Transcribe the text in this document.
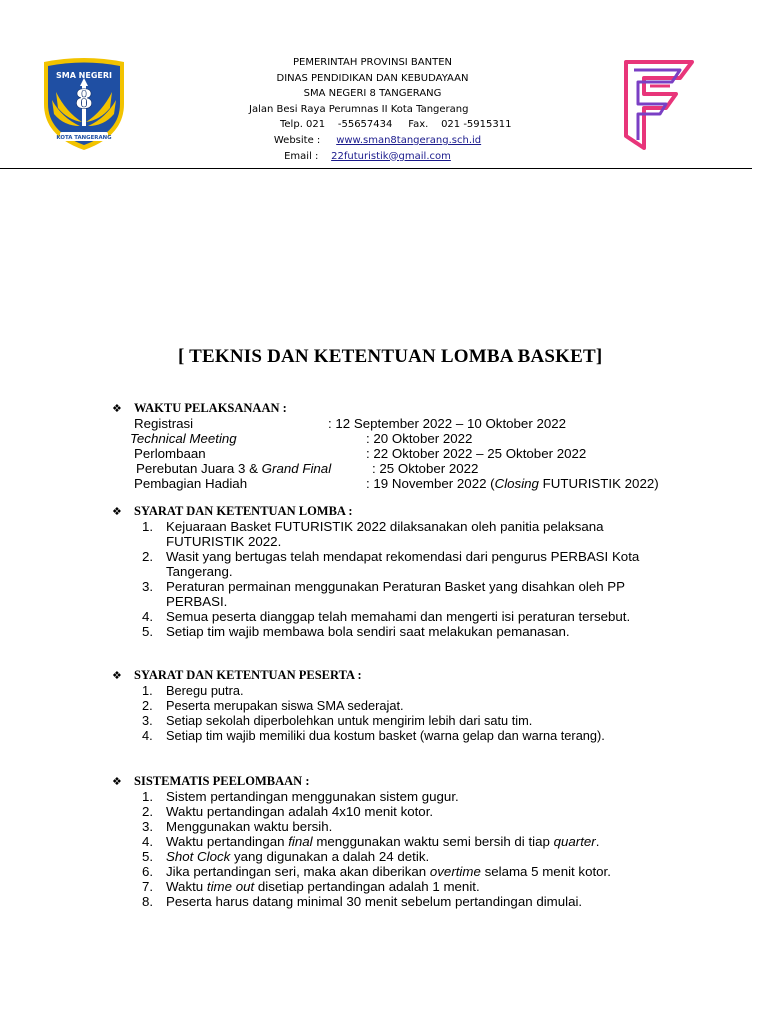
SMA NEGERI
8
KOTA TANGERANG
PEMERINTAH PROVINSI BANTEN
DINAS PENDIDIKAN DAN KEBUDAYAAN
SMA NEGERI 8 TANGERANG
Jalan Besi Raya Perumnas II Kota Tangerang
Telp. 021 -55657434 Fax. 021 -5915311
Website : www.sman8tangerang.sch.id
Email : 22futuristik@gmail.com
[ TEKNIS DAN KETENTUAN LOMBA BASKET]
❖ WAKTU PELAKSANAAN :
Registrasi	: 12 September 2022 – 10 Oktober 2022
Technical Meeting	: 20 Oktober 2022
Perlombaan	: 22 Oktober 2022 – 25 Oktober 2022
Perebutan Juara 3 & Grand Final	: 25 Oktober 2022
Pembagian Hadiah	: 19 November 2022 (Closing FUTURISTIK 2022)
❖ SYARAT DAN KETENTUAN LOMBA :
1. Kejuaraan Basket FUTURISTIK 2022 dilaksanakan oleh panitia pelaksana
FUTURISTIK 2022.
2. Wasit yang bertugas telah mendapat rekomendasi dari pengurus PERBASI Kota
Tangerang.
3. Peraturan permainan menggunakan Peraturan Basket yang disahkan oleh PP
PERBASI.
4. Semua peserta dianggap telah memahami dan mengerti isi peraturan tersebut.
5. Setiap tim wajib membawa bola sendiri saat melakukan pemanasan.
❖ SYARAT DAN KETENTUAN PESERTA :
1. Beregu putra.
2. Peserta merupakan siswa SMA sederajat.
3. Setiap sekolah diperbolehkan untuk mengirim lebih dari satu tim.
4. Setiap tim wajib memiliki dua kostum basket (warna gelap dan warna terang).
❖ SISTEMATIS PEELOMBAAN :
1. Sistem pertandingan menggunakan sistem gugur.
2. Waktu pertandingan adalah 4x10 menit kotor.
3. Menggunakan waktu bersih.
4. Waktu pertandingan final menggunakan waktu semi bersih di tiap quarter.
5. Shot Clock yang digunakan a dalah 24 detik.
6. Jika pertandingan seri, maka akan diberikan overtime selama 5 menit kotor.
7. Waktu time out disetiap pertandingan adalah 1 menit.
8. Peserta harus datang minimal 30 menit sebelum pertandingan dimulai.
